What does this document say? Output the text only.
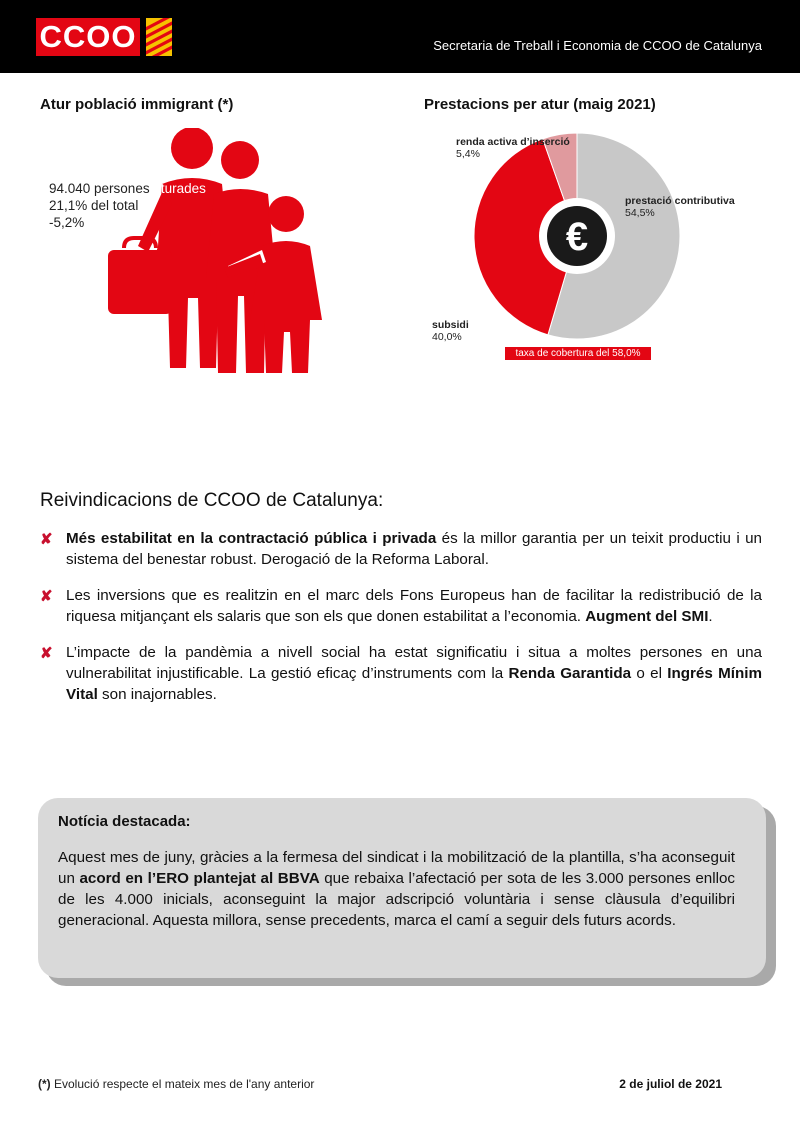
CCOO	Secretaria de Treball i Economia de CCOO de Catalunya
Atur població immigrant (*)
94.040 persones aturades
21,1% del total
-5,2%
Prestacions per atur (maig 2021)
€
renda activa d’inserció
5,4%
prestació contributiva
54,5%
subsidi
40,0%
taxa de cobertura del 58,0%
Reivindicacions de CCOO de Catalunya:
✘ Més estabilitat en la contractació pública i privada és la millor garantia per un teixit productiu i un sistema del benestar robust. Derogació de la Reforma Laboral.
✘ Les inversions que es realitzin en el marc dels Fons Europeus han de facilitar la redistribució de la riquesa mitjançant els salaris que son els que donen estabilitat a l’economia. Augment del SMI.
✘ L’impacte de la pandèmia a nivell social ha estat significatiu i situa a moltes persones en una vulnerabilitat injustificable. La gestió eficaç d’instruments com la Renda Garantida o el Ingrés Mínim Vital son inajornables.
Notícia destacada:

Aquest mes de juny, gràcies a la fermesa del sindicat i la mobilització de la plantilla, s’ha aconseguit un acord en l’ERO plantejat al BBVA que rebaixa l’afectació per sota de les 3.000 persones enlloc de les 4.000 inicials, aconseguint la major adscripció voluntària i sense clàusula d’equilibri generacional. Aquesta millora, sense precedents, marca el camí a seguir dels futurs acords.

(*) Evolució respecte el mateix mes de l'any anterior	2 de juliol de 2021
